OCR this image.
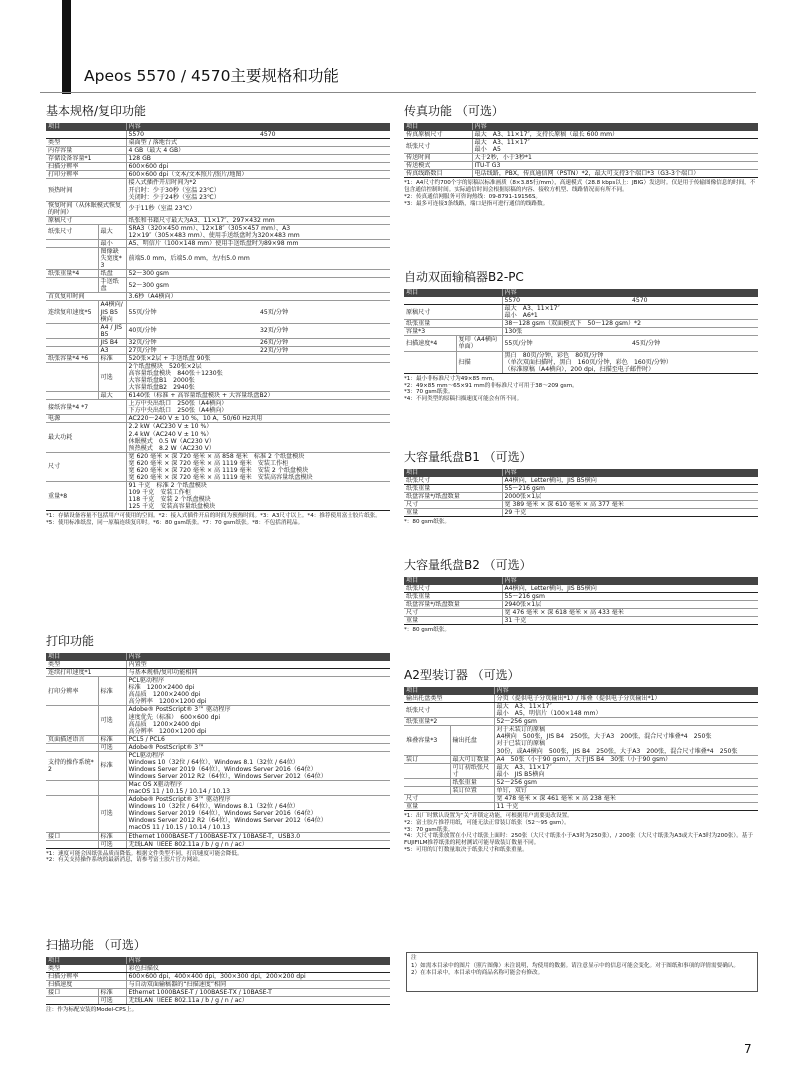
Apeos 5570 / 4570主要规格和功能
基本规格/复印功能
项目		内容	
		5570	4570
类型		桌面型 / 落地台式	
内存容量		4 GB（最大 4 GB）	
存储设备容量*1		128 GB	
扫描分辨率		600×600 dpi	
打印分辨率		600×600 dpi（文本/文本照片/照片/地图）	
预热时间		接入式插件开启时间为*2
开启时：少于30秒（室温 23℃）
关闭时：少于24秒（室温 23℃）	
恢复时间（从休眠模式恢复的时间）		少于11秒（室温 23℃）	
原稿尺寸		纸张和书籍尺寸最大为A3、11×17″、297×432 mm	
纸张尺寸	最大	SRA3（320×450 mm）、12×18″（305×457 mm）、A3
12×19″（305×483 mm）、使用手送纸盘时为320×483 mm	
	最小	A5、明信片（100×148 mm）使用手送纸盘时为89×98 mm	
	图像缺失宽度*3	前端5.0 mm，后端5.0 mm，左/右5.0 mm	
纸张重量*4	纸盘	52～300 gsm	
	手送纸盘	52～300 gsm	
首页复印时间		3.6秒（A4横向）	
连续复印速度*5	A4横向/JIS B5横向	55页/分钟	45页/分钟
	A4 / JIS B5	40页/分钟	32页/分钟
	JIS B4	32页/分钟	26页/分钟
	A3	27页/分钟	22页/分钟
纸张容量*4 *6	标准	520张×2层 + 手送纸盘 90张	
	可选	2个纸盘模块　520张×2层
高容量纸盘模块　840张＋1230张
大容量纸盘B1　2000张
大容量纸盘B2　2940张	
	最大	6140张（标准 + 高容量纸盘模块 + 大容量纸盘B2）	
接纸容量*4 *7		上方中央出纸口　250张（A4横向）
下方中央出纸口　250张（A4横向）	
电源		AC220～240 V ± 10 %，10 A，50/60 Hz共用	
最大功耗		2.2 kW（AC230 V ± 10 %）
2.4 kW（AC240 V ± 10 %）
休眠模式　0.5 W（AC230 V）
预热模式　8.2 W（AC230 V）	
尺寸		宽 620 毫米 × 深 720 毫米 × 高 858 毫米　标准 2 个纸盘模块
宽 620 毫米 × 深 720 毫米 × 高 1119 毫米　安装工作柜
宽 620 毫米 × 深 720 毫米 × 高 1119 毫米　安装 2 个纸盘模块
宽 620 毫米 × 深 720 毫米 × 高 1119 毫米　安装高容量纸盘模块	
重量*8		91 千克　标准 2 个纸盘模块
109 千克　安装工作柜
118 千克　安装 2 个纸盘模块
125 千克　安装高容量纸盘模块	
*1：存储设备容量不包括用户可使用的空间。*2：接入式插件开启的时间为预热时间。*3：A3尺寸以上。*4：推荐使用富士胶片纸张。*5：使用标准纸盘，同一原稿连续复印时。*6：80 gsm纸张。*7：70 gsm纸张。*8：不包括消耗品。
打印功能
项目		内容
类型		内置型
连续打印速度*1		与基本规格/复印功能相同
打印分辨率	标准	PCL驱动程序
标准　1200×2400 dpi
高品质　1200×2400 dpi
高分辨率　1200×1200 dpi
	可选	Adobe® PostScript® 3™ 驱动程序
速度优先（标准）　600×600 dpi
高品质　1200×2400 dpi
高分辨率　1200×1200 dpi
页面描述语言	标准	PCL5 / PCL6
	可选	Adobe® PostScript® 3™
支持的操作系统*2	标准	PCL驱动程序
Windows 10（32位 / 64位），Windows 8.1（32位 / 64位）
Windows Server 2019（64位），Windows Server 2016（64位）
Windows Server 2012 R2（64位），Windows Server 2012（64位）
		Mac OS X驱动程序
macOS 11 / 10.15 / 10.14 / 10.13
	可选	Adobe® PostScript® 3™ 驱动程序
Windows 10（32位 / 64位），Windows 8.1（32位 / 64位）
Windows Server 2019（64位），Windows Server 2016（64位）
Windows Server 2012 R2（64位），Windows Server 2012（64位）
macOS 11 / 10.15 / 10.14 / 10.13
接口	标准	Ethernet 1000BASE-T / 100BASE-TX / 10BASE-T，USB3.0
	可选	无线LAN（IEEE 802.11a / b / g / n / ac）
*1：速度可能会因纸张品质而降低。根据文件类型不同，打印速度可能会降低。
*2：有关支持操作系统的最新消息，请参考富士胶片官方网站。
扫描功能 （可选）
项目		内容
类型		彩色扫描仪
扫描分辨率		600×600 dpi，400×400 dpi，300×300 dpi，200×200 dpi
扫描速度		与自动双面输稿器的“扫描速度”相同
接口	标准	Ethernet 1000BASE-T / 100BASE-TX / 10BASE-T
	可选	无线LAN（IEEE 802.11a / b / g / n / ac）
注：作为标配安装的Model-CPS上。
传真功能 （可选）
项目	内容
传真原稿尺寸	最大　A3、11×17″，支持长原稿（最长 600 mm）
纸张尺寸	最大　A3、11×17″
最小　A5
传送时间	大于2秒，小于3秒*1
传送模式	ITU-T G3
传真线路数目	电话线路，PBX，传真通信网（PSTN）*2，最大可支持3个端口*3（G3-3个端口）
*1：A4尺寸约700个字的原稿以标准画质（8×3.85行/mm），高速模式（28.8 kbps以上：JBIG）发送时。仅是用于传输图像信息的时间，不包含通信控制时间。实际通信时间会根据原稿的内容、接收方机型、线路情况而有所不同。
*2：传真通信网服务可咨询热线：09-8791-19156S。
*3：最多可连接3条线路，端口是指可进行通信的线路数。
自动双面输稿器B2-PC
项目		内容	
		5570	4570
原稿尺寸		最大　A3、11×17″
最小　A6*1	
纸张重量		38～128 gsm（双面模式下　50～128 gsm）*2	
容量*3		130张	
扫描速度*4	复印（A4横向单面）	55页/分钟	45页/分钟
	扫描	黑白　80页/分钟，彩色　80页/分钟
（单次双面扫描时，黑白　160页/分钟，彩色　160页/分钟）
（标准原稿（A4横向），200 dpi，扫描至电子邮件时）	
*1：最小非标准尺寸为49×85 mm。
*2：49×85 mm～65×91 mm的非标准尺寸可用于38～209 gsm。
*3：70 gsm纸张。
*4：不同类型的原稿扫描速度可能会有所不同。
大容量纸盘B1 （可选）
项目	内容
纸张尺寸	A4横向，Letter横向，JIS B5横向
纸张重量	55～216 gsm
纸盘容量*/纸盘数量	2000张×1层
尺寸	宽 389 毫米 × 深 610 毫米 × 高 377 毫米
重量	29 千克
*：80 gsm纸张。
大容量纸盘B2 （可选）
项目	内容
纸张尺寸	A4横向，Letter横向，JIS B5横向
纸张重量	55～216 gsm
纸盘容量*/纸盘数量	2940张×1层
尺寸	宽 476 毫米 × 深 618 毫米 × 高 433 毫米
重量	31 千克
*：80 gsm纸张。
A2型装订器 （可选）
项目		内容
输出托盘类型		分页（提供电子分页输出*1）/ 堆叠（提供电子分页输出*1）
纸张尺寸		最大　A3、11×17″
最小　A5，明信片（100×148 mm）
纸张重量*2		52～256 gsm
堆叠容量*3	输出托盘	对于未装订的原稿
A4横向　500张，JIS B4　250张，大于A3　200张，混合尺寸堆叠*4　250张
对于已装订的原稿
30份，或A4横向　500张，JIS B4　250张，大于A3　200张，混合尺寸堆叠*4　250张
装订	最大可订数量	A4　50张（小于90 gsm），大于JIS B4　30张（小于90 gsm）
	可订初纸张尺寸	最大　A3、11×17″
最小　JIS B5横向
	纸张重量	52～256 gsm
	装订位置	单钉，双钉
尺寸		宽 478 毫米 × 深 461 毫米 × 高 238 毫米
重量		11 千克
*1：出厂时默认设置为“关”并锁定功能，可根据用户需要更改设置。
*2：富士胶片推荐用纸，可能无法正常装订纸张（52～95 gsm）。
*3：70 gsm纸张。
*4：大尺寸纸张放置在小尺寸纸张上面时：250张（大尺寸纸张小于A3时为250张），/ 200张（大尺寸纸张为A3或大于A3时为200张）。基于FUJIFILM推荐纸张的耗材测试可能导致装订数量不同。
*5：可用的订钉数量取决于纸张尺寸和纸张重量。
注
1）如需本目录中的图片（照片图像）未注说明，均使用的数据。请注意显示中的信息可能会变化。对于图纸和事项的详情需要确认。
2）在本目录中，本目录中的商品名称可能会有修改。
7
